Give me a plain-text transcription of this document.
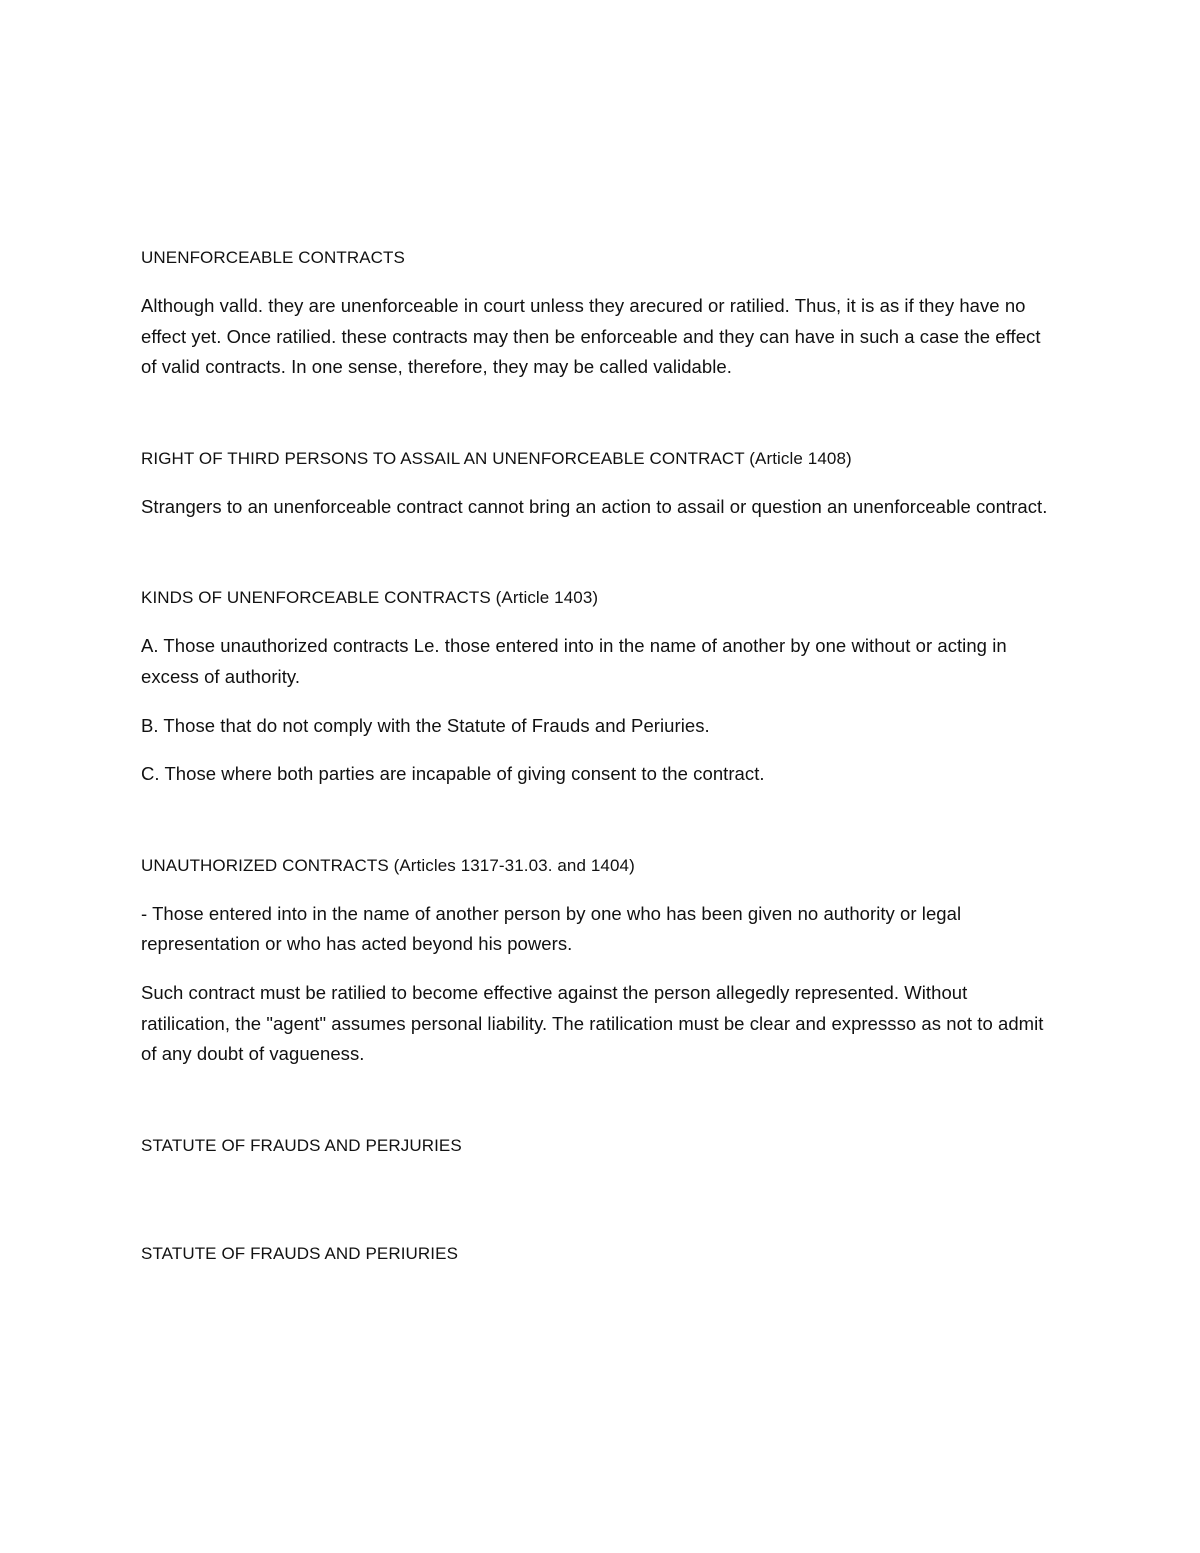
UNENFORCEABLE CONTRACTS

Although valld. they are unenforceable in court unless they arecured or ratilied. Thus, it is as if they have no effect yet. Once ratilied. these contracts may then be enforceable and they can have in such a case the effect of valid contracts. In one sense, therefore, they may be called validable.

RIGHT OF THIRD PERSONS TO ASSAIL AN UNENFORCEABLE CONTRACT (Article 1408)

Strangers to an unenforceable contract cannot bring an action to assail or question an unenforceable contract.

KINDS OF UNENFORCEABLE CONTRACTS (Article 1403)

A. Those unauthorized contracts Le. those entered into in the name of another by one without or acting in excess of authority.

B. Those that do not comply with the Statute of Frauds and Periuries.

C. Those where both parties are incapable of giving consent to the contract.

UNAUTHORIZED CONTRACTS (Articles 1317-31.03. and 1404)

- Those entered into in the name of another person by one who has been given no authority or legal representation or who has acted beyond his powers.

Such contract must be ratilied to become effective against the person allegedly represented. Without ratilication, the "agent" assumes personal liability. The ratilication must be clear and expressso as not to admit of any doubt of vagueness.

STATUTE OF FRAUDS AND PERJURIES

STATUTE OF FRAUDS AND PERIURIES
